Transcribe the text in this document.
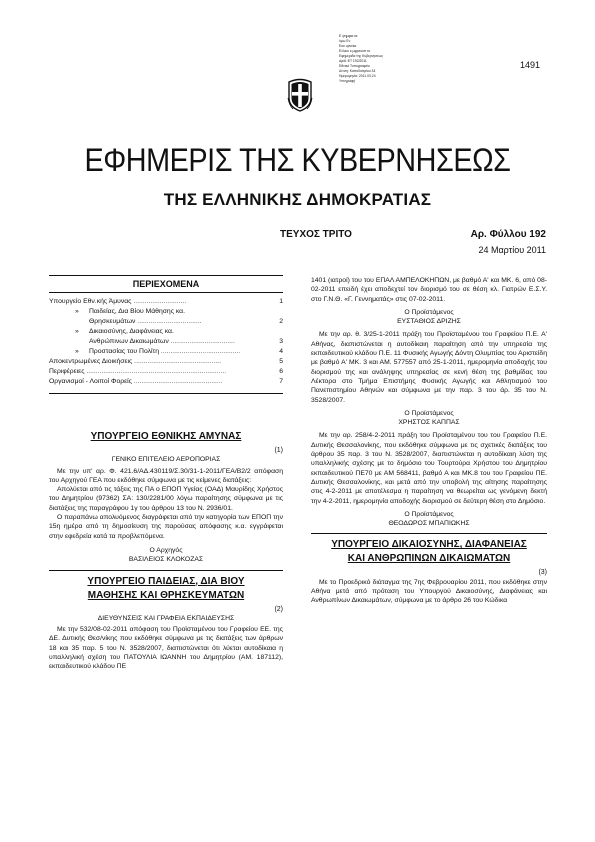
Ε ψημφια κε
ύμω Εν
Ευκ υρνέκα
Ελλικο κ μφρευοπ το
Εφημεριδα της Κυβερνησεως
Αριθ.:ΕΤ 192/2011
Εθνικό Τυπογραφείο
Δ/νση: Καποδιστρίου 34
Ημερομηνία: 2011.03.24
Υπογραφή
1491
ΕΦΗΜΕΡΙΣ ΤΗΣ ΚΥΒΕΡΝΗΣΕΩΣ
ΤΗΣ ΕΛΛΗΝΙΚΗΣ ΔΗΜΟΚΡΑΤΙΑΣ
ΤΕΥΧΟΣ ΤΡΙΤΟ	Αρ. Φύλλου 192
24 Μαρτίου 2011
ΠΕΡΙΕΧΟΜΕΝΑ
Υπουργείο Εθν.κής Άμυνας ............................	1
» Παιδείας, Δια Βίου Μάθησης κα.
Θρησκευμάτων ..................................	2
» Δικαιοσύνης, Διαφάνειας κα.
Ανθρώπινων Δικαιωμάτων ..................................	3
» Προστασίας του Πολίτη ..........................................	4
Αποκεντρωμένες Διοικήσεις ..............................................	5
Περιφέρειες ..........................................................................	6
Οργανισμοί - Λοιποί Φορείς ...............................................	7
ΥΠΟΥΡΓΕΙΟ ΕΘΝΙΚΗΣ ΑΜΥΝΑΣ
(1)
ΓΕΝΙΚΟ ΕΠΙΤΕΛΕΙΟ ΑΕΡΟΠΟΡΙΑΣ

Με την υπ' αρ. Φ. 421.6/ΑΔ.430119/Σ.30/31-1-2011/ΓΕΑ/Β2/2 απόφαση του Αρχηγού ΓΕΑ που εκδόθηκε σύμφωνα με τις κείμενες διατάξεις:

Απολύεται από τις τάξεις της ΠΑ ο ΕΠΟΠ Υγείας (ΟΑΔ) Μαυρίδης Χρήστος του Δημητρίου (97362) ΣΑ: 130/2281/00 λόγω παραίτησης σύμφωνα με τις διατάξεις της παραγράφου 1γ του άρθρου 13 του Ν. 2936/01.

Ο παραπάνω απολυόμενος διαγράφεται από την κατηγορία των ΕΠΟΠ την 15η ημέρα από τη δημοσίευση της παρούσας απόφασης κ.α. εγγράφεται στην εφεδρεία κατά τα προβλεπόμενα.

Ο Αρχηγός
ΒΑΣΙΛΕΙΟΣ ΚΛΟΚΟΖΑΣ
ΥΠΟΥΡΓΕΙΟ ΠΑΙΔΕΙΑΣ, ΔΙΑ ΒΙΟΥ
ΜΑΘΗΣΗΣ ΚΑΙ ΘΡΗΣΚΕΥΜΑΤΩΝ
(2)
ΔΙΕΥΘΥΝΣΕΙΣ ΚΑΙ ΓΡΑΦΕΙΑ ΕΚΠΑΙΔΕΥΣΗΣ

Με την 532/08-02-2011 απόφαση του Προϊσταμένου του Γραφείου ΕΕ. της ΔΕ. Δυτικής Θεσ/νίκης που εκδόθηκε σύμφωνα με τις διατάξεις των άρθρων 18 και 35 παρ. 5 του Ν. 3528/2007, διαπιστώνεται ότι λύεται αυτοδίκαια η υπαλληλική σχέση του ΠΑΤΟΥΛΙΑ ΙΩΑΝΝΗ του Δημητρίου (ΑΜ. 187112), εκπαιδευτικού κλάδου ΠΕ

1401 (ιατροί) του του ΕΠΑΛ ΑΜΠΕΛΟΚΗΠΩΝ, με βαθμό Α' και ΜΚ. 6, από 08-02-2011 επειδή έχει αποδεχτεί τον διορισμό του σε θέση κλ. Γιατρών Ε.Σ.Υ. στο Γ.Ν.Θ. «Γ. Γεννηματάς» στις 07-02-2011.

Ο Προϊστάμενος
ΕΥΣΤΑΘΙΟΣ ΔΡΙΖΗΣ

Με την αρ. θ. 3/25-1-2011 πράξη του Προϊσταμένου του Γραφείου Π.Ε. Α' Αθήνας, διαπιστώνεται η αυτοδίκαιη παραίτηση από την υπηρεσία της εκπαιδευτικού κλάδου Π.Ε. 11 Φυσικής Αγωγής Δόντη Ολυμπίας του Αριστείδη με βαθμό Α' ΜΚ. 3 και ΑΜ. 577557 από 25-1-2011, ημερομηνία αποδοχής του διορισμού της και ανάληψης υπηρεσίας σε κενή θέση της βαθμίδας του Λέκτορα στο Τμήμα Επιστήμης Φυσικής Αγωγής και Αθλητισμού του Πανεπιστημίου Αθηνών και σύμφωνα με την παρ. 3 του άρ. 35 του Ν. 3528/2007.

Ο Προϊστάμενος
ΧΡΗΣΤΟΣ ΚΑΠΠΑΣ

Με την αρ. 258/4-2-2011 πράξη του Προϊσταμένου του του Γραφείου Π.Ε. Δυτικής Θεσσαλονίκης, που εκδόθηκε σύμφωνα με τις σχετικές διατάξεις του άρθρου 35 παρ. 3 του Ν. 3528/2007, διαπιστώνεται η αυτοδίκαιη λύση της υπαλληλικής σχέσης με το δημόσιο του Τουρτούρα Χρήστου του Δημητρίου εκπαιδευτικού ΠΕ70 με ΑΜ 568411, βαθμό Α και ΜΚ.8 του του Γραφείου ΠΕ. Δυτικής Θεσσαλονίκης, και μετά από την υποβολή της αίτησης παραίτησης στις 4-2-2011 με αποτέλεσμα η παραίτηση να θεωρείται ως γενόμενη δεκτή την 4-2-2011, ημερομηνία αποδοχής διορισμού σε δεύτερη θέση στο Δημόσιο.

Ο Προϊστάμενος
ΘΕΟΔΩΡΟΣ ΜΠΑΠΙΩΚΗΣ
ΥΠΟΥΡΓΕΙΟ ΔΙΚΑΙΟΣΥΝΗΣ, ΔΙΑΦΑΝΕΙΑΣ
ΚΑΙ ΑΝΘΡΩΠΙΝΩΝ ΔΙΚΑΙΩΜΑΤΩΝ
(3)

Με το Προεδρικό διάταγμα της 7ης Φεβρουαρίου 2011, που εκδόθηκε στην Αθήνα μετά από πρόταση του Υπουργού Δικαιοσύνης, Διαφάνειας και Ανθρωπίνων Δικαιωμάτων, σύμφωνα με το άρθρο 26 του Κώδικα
